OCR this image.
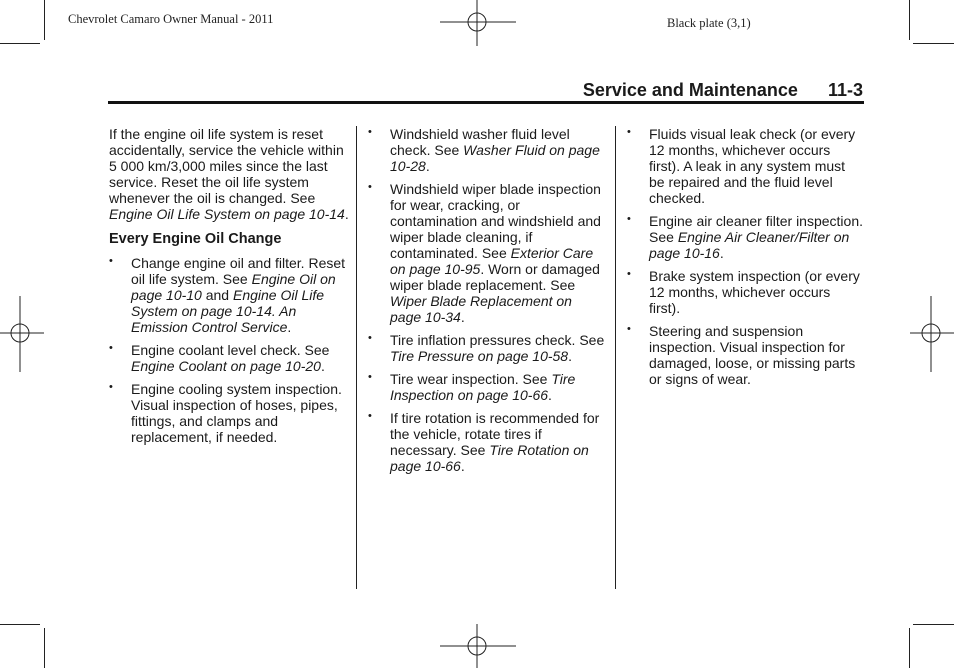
Chevrolet Camaro Owner Manual - 2011	Black plate (3,1)
Service and Maintenance 11-3

If the engine oil life system is reset accidentally, service the vehicle within 5 000 km/3,000 miles since the last service. Reset the oil life system whenever the oil is changed. See Engine Oil Life System on page 10-14.

Every Engine Oil Change
• Change engine oil and filter. Reset oil life system. See Engine Oil on page 10-10 and Engine Oil Life System on page 10-14. An Emission Control Service.
• Engine coolant level check. See Engine Coolant on page 10-20.
• Engine cooling system inspection. Visual inspection of hoses, pipes, fittings, and clamps and replacement, if needed.
• Windshield washer fluid level check. See Washer Fluid on page 10-28.
• Windshield wiper blade inspection for wear, cracking, or contamination and windshield and wiper blade cleaning, if contaminated. See Exterior Care on page 10-95. Worn or damaged wiper blade replacement. See Wiper Blade Replacement on page 10-34.
• Tire inflation pressures check. See Tire Pressure on page 10-58.
• Tire wear inspection. See Tire Inspection on page 10-66.
• If tire rotation is recommended for the vehicle, rotate tires if necessary. See Tire Rotation on page 10-66.
• Fluids visual leak check (or every 12 months, whichever occurs first). A leak in any system must be repaired and the fluid level checked.
• Engine air cleaner filter inspection. See Engine Air Cleaner/Filter on page 10-16.
• Brake system inspection (or every 12 months, whichever occurs first).
• Steering and suspension inspection. Visual inspection for damaged, loose, or missing parts or signs of wear.
